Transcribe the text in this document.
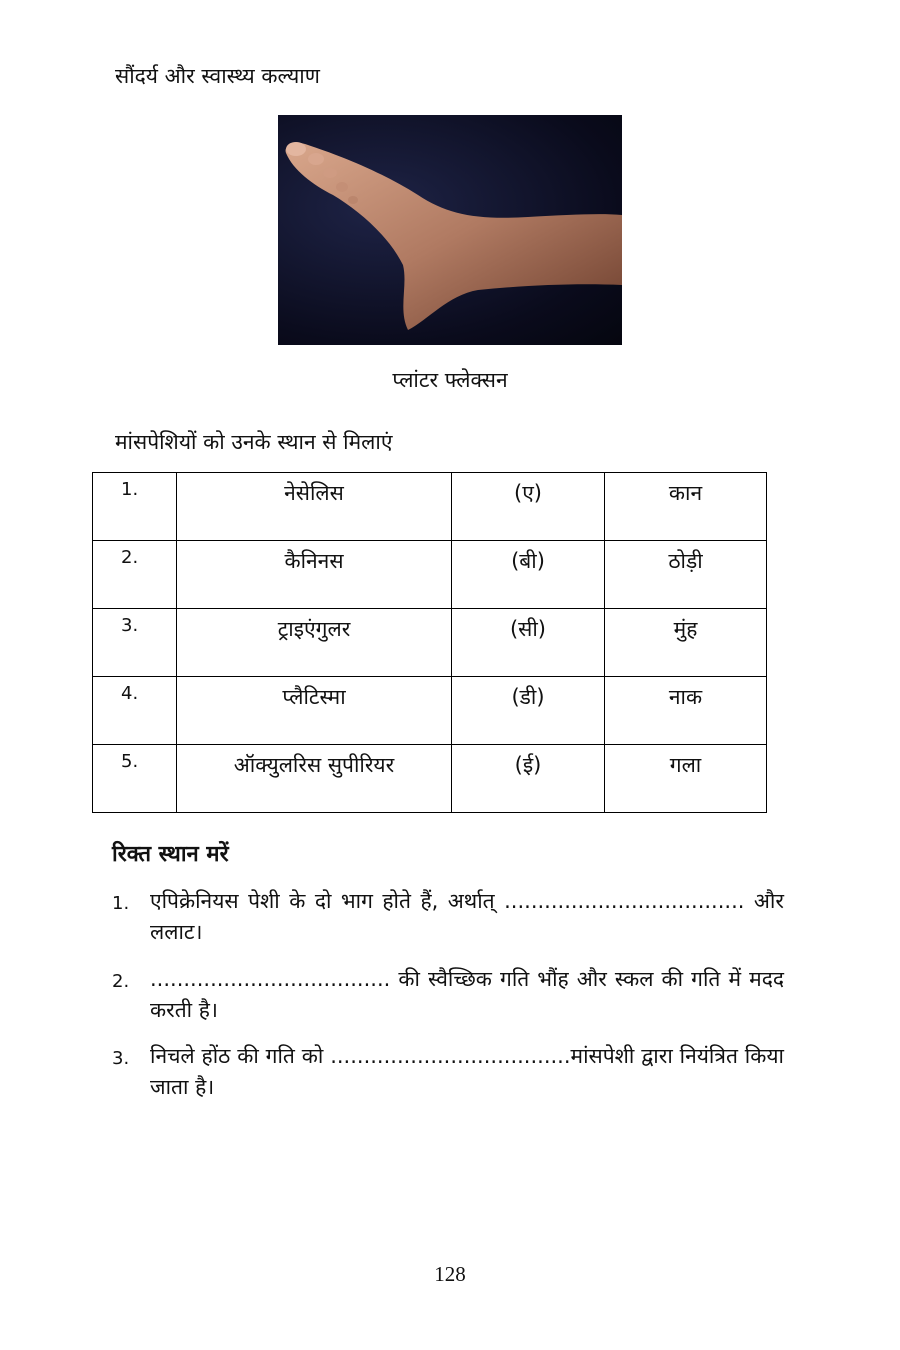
सौंदर्य और स्वास्थ्य कल्याण
प्लांटर फ्लेक्सन
मांसपेशियों को उनके स्थान से मिलाएं
1.	नेसेलिस	(ए)	कान
2.	कैनिनस	(बी)	ठोड़ी
3.	ट्राइएंगुलर	(सी)	मुंह
4.	प्लैटिस्मा	(डी)	नाक
5.	ऑक्युलरिस सुपीरियर	(ई)	गला
रिक्त स्थान मरें
1. एपिक्रेनियस पेशी के दो भाग होते हैं, अर्थात् .................................... और ललाट।
2. .................................... की स्वैच्छिक गति भौंह और स्कल की गति में मदद करती है।
3. निचले होंठ की गति को ....................................मांसपेशी द्वारा नियंत्रित किया जाता है।
128
